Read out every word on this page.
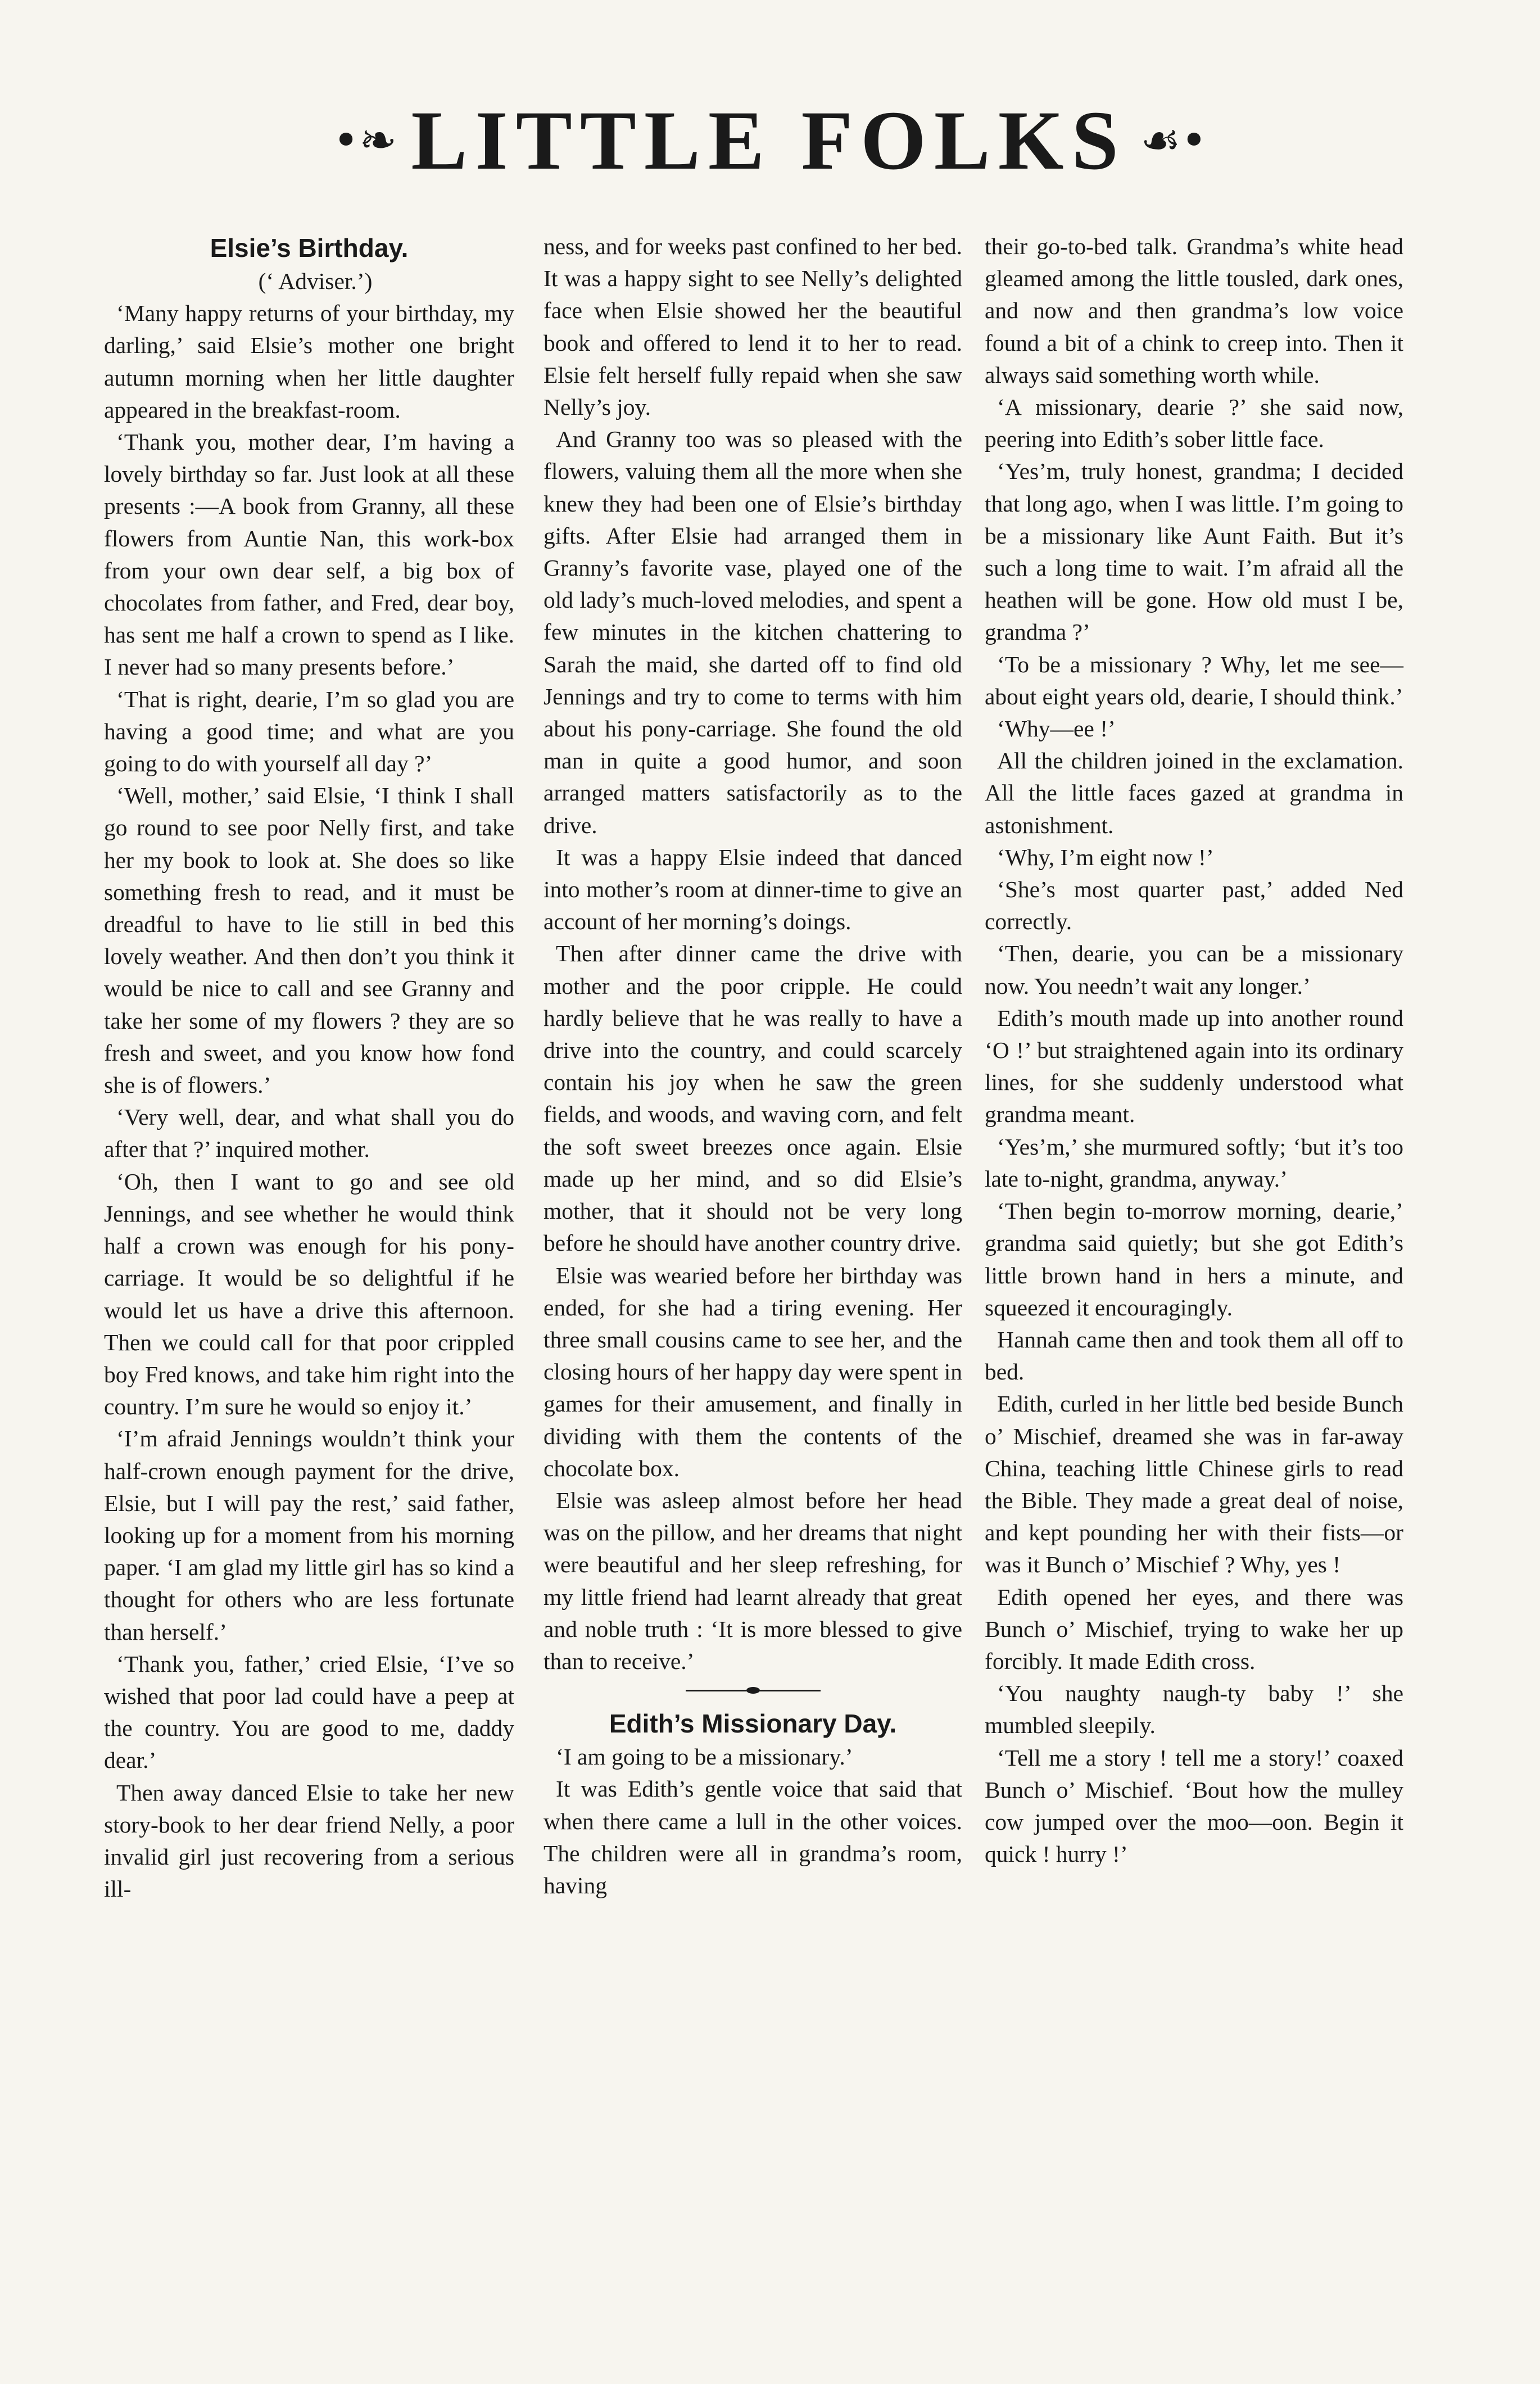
•❧ LITTLE FOLKS ☙•
Elsie’s Birthday.

(‘ Adviser.’)

‘Many happy returns of your birthday, my darling,’ said Elsie’s mother one bright autumn morning when her little daughter appeared in the breakfast-room.

‘Thank you, mother dear, I’m having a lovely birthday so far. Just look at all these presents :—A book from Granny, all these flowers from Auntie Nan, this work-box from your own dear self, a big box of chocolates from father, and Fred, dear boy, has sent me half a crown to spend as I like. I never had so many presents before.’

‘That is right, dearie, I’m so glad you are having a good time; and what are you going to do with yourself all day ?’

‘Well, mother,’ said Elsie, ‘I think I shall go round to see poor Nelly first, and take her my book to look at. She does so like something fresh to read, and it must be dreadful to have to lie still in bed this lovely weather. And then don’t you think it would be nice to call and see Granny and take her some of my flowers ? they are so fresh and sweet, and you know how fond she is of flowers.’

‘Very well, dear, and what shall you do after that ?’ inquired mother.

‘Oh, then I want to go and see old Jennings, and see whether he would think half a crown was enough for his pony-carriage. It would be so delightful if he would let us have a drive this afternoon. Then we could call for that poor crippled boy Fred knows, and take him right into the country. I’m sure he would so enjoy it.’

‘I’m afraid Jennings wouldn’t think your half-crown enough payment for the drive, Elsie, but I will pay the rest,’ said father, looking up for a moment from his morning paper. ‘I am glad my little girl has so kind a thought for others who are less fortunate than herself.’

‘Thank you, father,’ cried Elsie, ‘I’ve so wished that poor lad could have a peep at the country. You are good to me, daddy dear.’

Then away danced Elsie to take her new story-book to her dear friend Nelly, a poor invalid girl just recovering from a serious ill-

ness, and for weeks past confined to her bed. It was a happy sight to see Nelly’s delighted face when Elsie showed her the beautiful book and offered to lend it to her to read. Elsie felt herself fully repaid when she saw Nelly’s joy.

And Granny too was so pleased with the flowers, valuing them all the more when she knew they had been one of Elsie’s birthday gifts. After Elsie had arranged them in Granny’s favorite vase, played one of the old lady’s much-loved melodies, and spent a few minutes in the kitchen chattering to Sarah the maid, she darted off to find old Jennings and try to come to terms with him about his pony-carriage. She found the old man in quite a good humor, and soon arranged matters satisfactorily as to the drive.

It was a happy Elsie indeed that danced into mother’s room at dinner-time to give an account of her morning’s doings.

Then after dinner came the drive with mother and the poor cripple. He could hardly believe that he was really to have a drive into the country, and could scarcely contain his joy when he saw the green fields, and woods, and waving corn, and felt the soft sweet breezes once again. Elsie made up her mind, and so did Elsie’s mother, that it should not be very long before he should have another country drive.

Elsie was wearied before her birthday was ended, for she had a tiring evening. Her three small cousins came to see her, and the closing hours of her happy day were spent in games for their amusement, and finally in dividing with them the contents of the chocolate box.

Elsie was asleep almost before her head was on the pillow, and her dreams that night were beautiful and her sleep refreshing, for my little friend had learnt already that great and noble truth : ‘It is more blessed to give than to receive.’

Edith’s Missionary Day.

‘I am going to be a missionary.’

It was Edith’s gentle voice that said that when there came a lull in the other voices. The children were all in grandma’s room, having

their go-to-bed talk. Grandma’s white head gleamed among the little tousled, dark ones, and now and then grandma’s low voice found a bit of a chink to creep into. Then it always said something worth while.

‘A missionary, dearie ?’ she said now, peering into Edith’s sober little face.

‘Yes’m, truly honest, grandma; I decided that long ago, when I was little. I’m going to be a missionary like Aunt Faith. But it’s such a long time to wait. I’m afraid all the heathen will be gone. How old must I be, grandma ?’

‘To be a missionary ? Why, let me see—about eight years old, dearie, I should think.’

‘Why—ee !’

All the children joined in the exclamation. All the little faces gazed at grandma in astonishment.

‘Why, I’m eight now !’

‘She’s most quarter past,’ added Ned correctly.

‘Then, dearie, you can be a missionary now. You needn’t wait any longer.’

Edith’s mouth made up into another round ‘O !’ but straightened again into its ordinary lines, for she suddenly understood what grandma meant.

‘Yes’m,’ she murmured softly; ‘but it’s too late to-night, grandma, anyway.’

‘Then begin to-morrow morning, dearie,’ grandma said quietly; but she got Edith’s little brown hand in hers a minute, and squeezed it encouragingly.

Hannah came then and took them all off to bed.

Edith, curled in her little bed beside Bunch o’ Mischief, dreamed she was in far-away China, teaching little Chinese girls to read the Bible. They made a great deal of noise, and kept pounding her with their fists—or was it Bunch o’ Mischief ? Why, yes !

Edith opened her eyes, and there was Bunch o’ Mischief, trying to wake her up forcibly. It made Edith cross.

‘You naughty naugh-ty baby !’ she mumbled sleepily.

‘Tell me a story ! tell me a story!’ coaxed Bunch o’ Mischief. ‘Bout how the mulley cow jumped over the moo—oon. Begin it quick ! hurry !’
